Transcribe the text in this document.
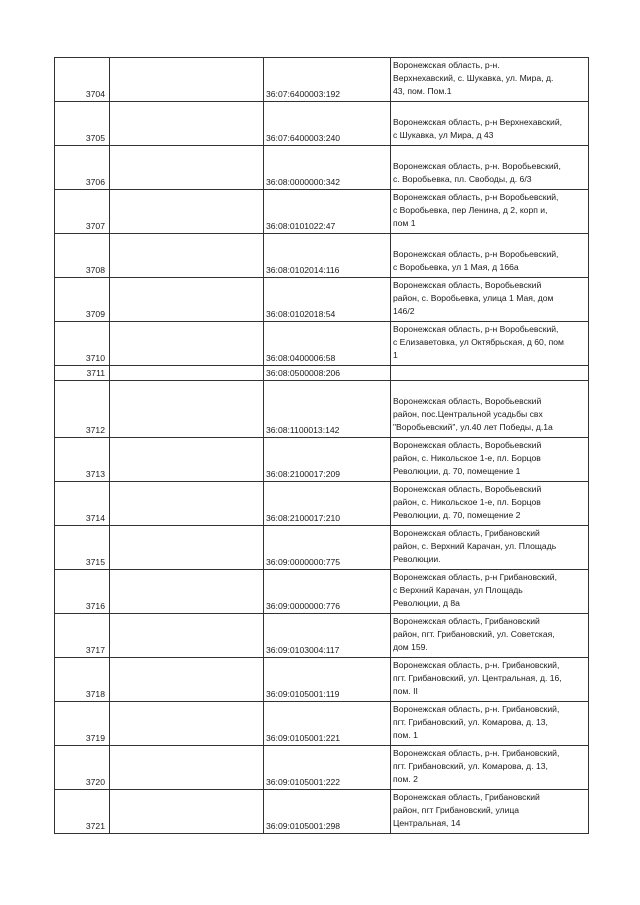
3704		36:07:6400003:192	Воронежская область, р-н.
Верхнехавский, с. Шукавка, ул. Мира, д.
43, пом. Пом.1

3705		36:07:6400003:240	Воронежская область, р-н Верхнехавский,
с Шукавка, ул Мира, д 43

3706		36:08:0000000:342	Воронежская область, р-н. Воробьевский,
с. Воробьевка, пл. Свободы, д. 6/3

3707		36:08:0101022:47	Воронежская область, р-н Воробьевский,
с Воробьевка, пер Ленина, д 2, корп и,
пом 1

3708		36:08:0102014:116	Воронежская область, р-н Воробьевский,
с Воробьевка, ул 1 Мая, д 166а

3709		36:08:0102018:54	Воронежская область, Воробьевский
район, с. Воробьевка, улица 1 Мая, дом
146/2

3710		36:08:0400006:58	Воронежская область, р-н Воробьевский,
с Елизаветовка, ул Октябрьская, д 60, пом
1

3711		36:08:0500008:206	
3712		36:08:1100013:142	Воронежская область, Воробьевский
район, пос.Центральной усадьбы свх
"Воробьевский", ул.40 лет Победы, д.1а

3713		36:08:2100017:209	Воронежская область, Воробьевский
район, с. Никольское 1-е, пл. Борцов
Революции, д. 70, помещение 1

3714		36:08:2100017:210	Воронежская область, Воробьевский
район, с. Никольское 1-е, пл. Борцов
Революции, д. 70, помещение 2

3715		36:09:0000000:775	Воронежская область, Грибановский
район, с. Верхний Карачан, ул. Площадь
Революции.

3716		36:09:0000000:776	Воронежская область, р-н Грибановский,
с Верхний Карачан, ул Площадь
Революции, д 8а

3717		36:09:0103004:117	Воронежская область, Грибановский
район, пгт. Грибановский, ул. Советская,
дом 159.

3718		36:09:0105001:119	Воронежская область, р-н. Грибановский,
пгт. Грибановский, ул. Центральная, д. 16,
пом. II

3719		36:09:0105001:221	Воронежская область, р-н. Грибановский,
пгт. Грибановский, ул. Комарова, д. 13,
пом. 1

3720		36:09:0105001:222	Воронежская область, р-н. Грибановский,
пгт. Грибановский, ул. Комарова, д. 13,
пом. 2

3721		36:09:0105001:298	Воронежская область, Грибановский
район, пгт Грибановский, улица
Центральная, 14
